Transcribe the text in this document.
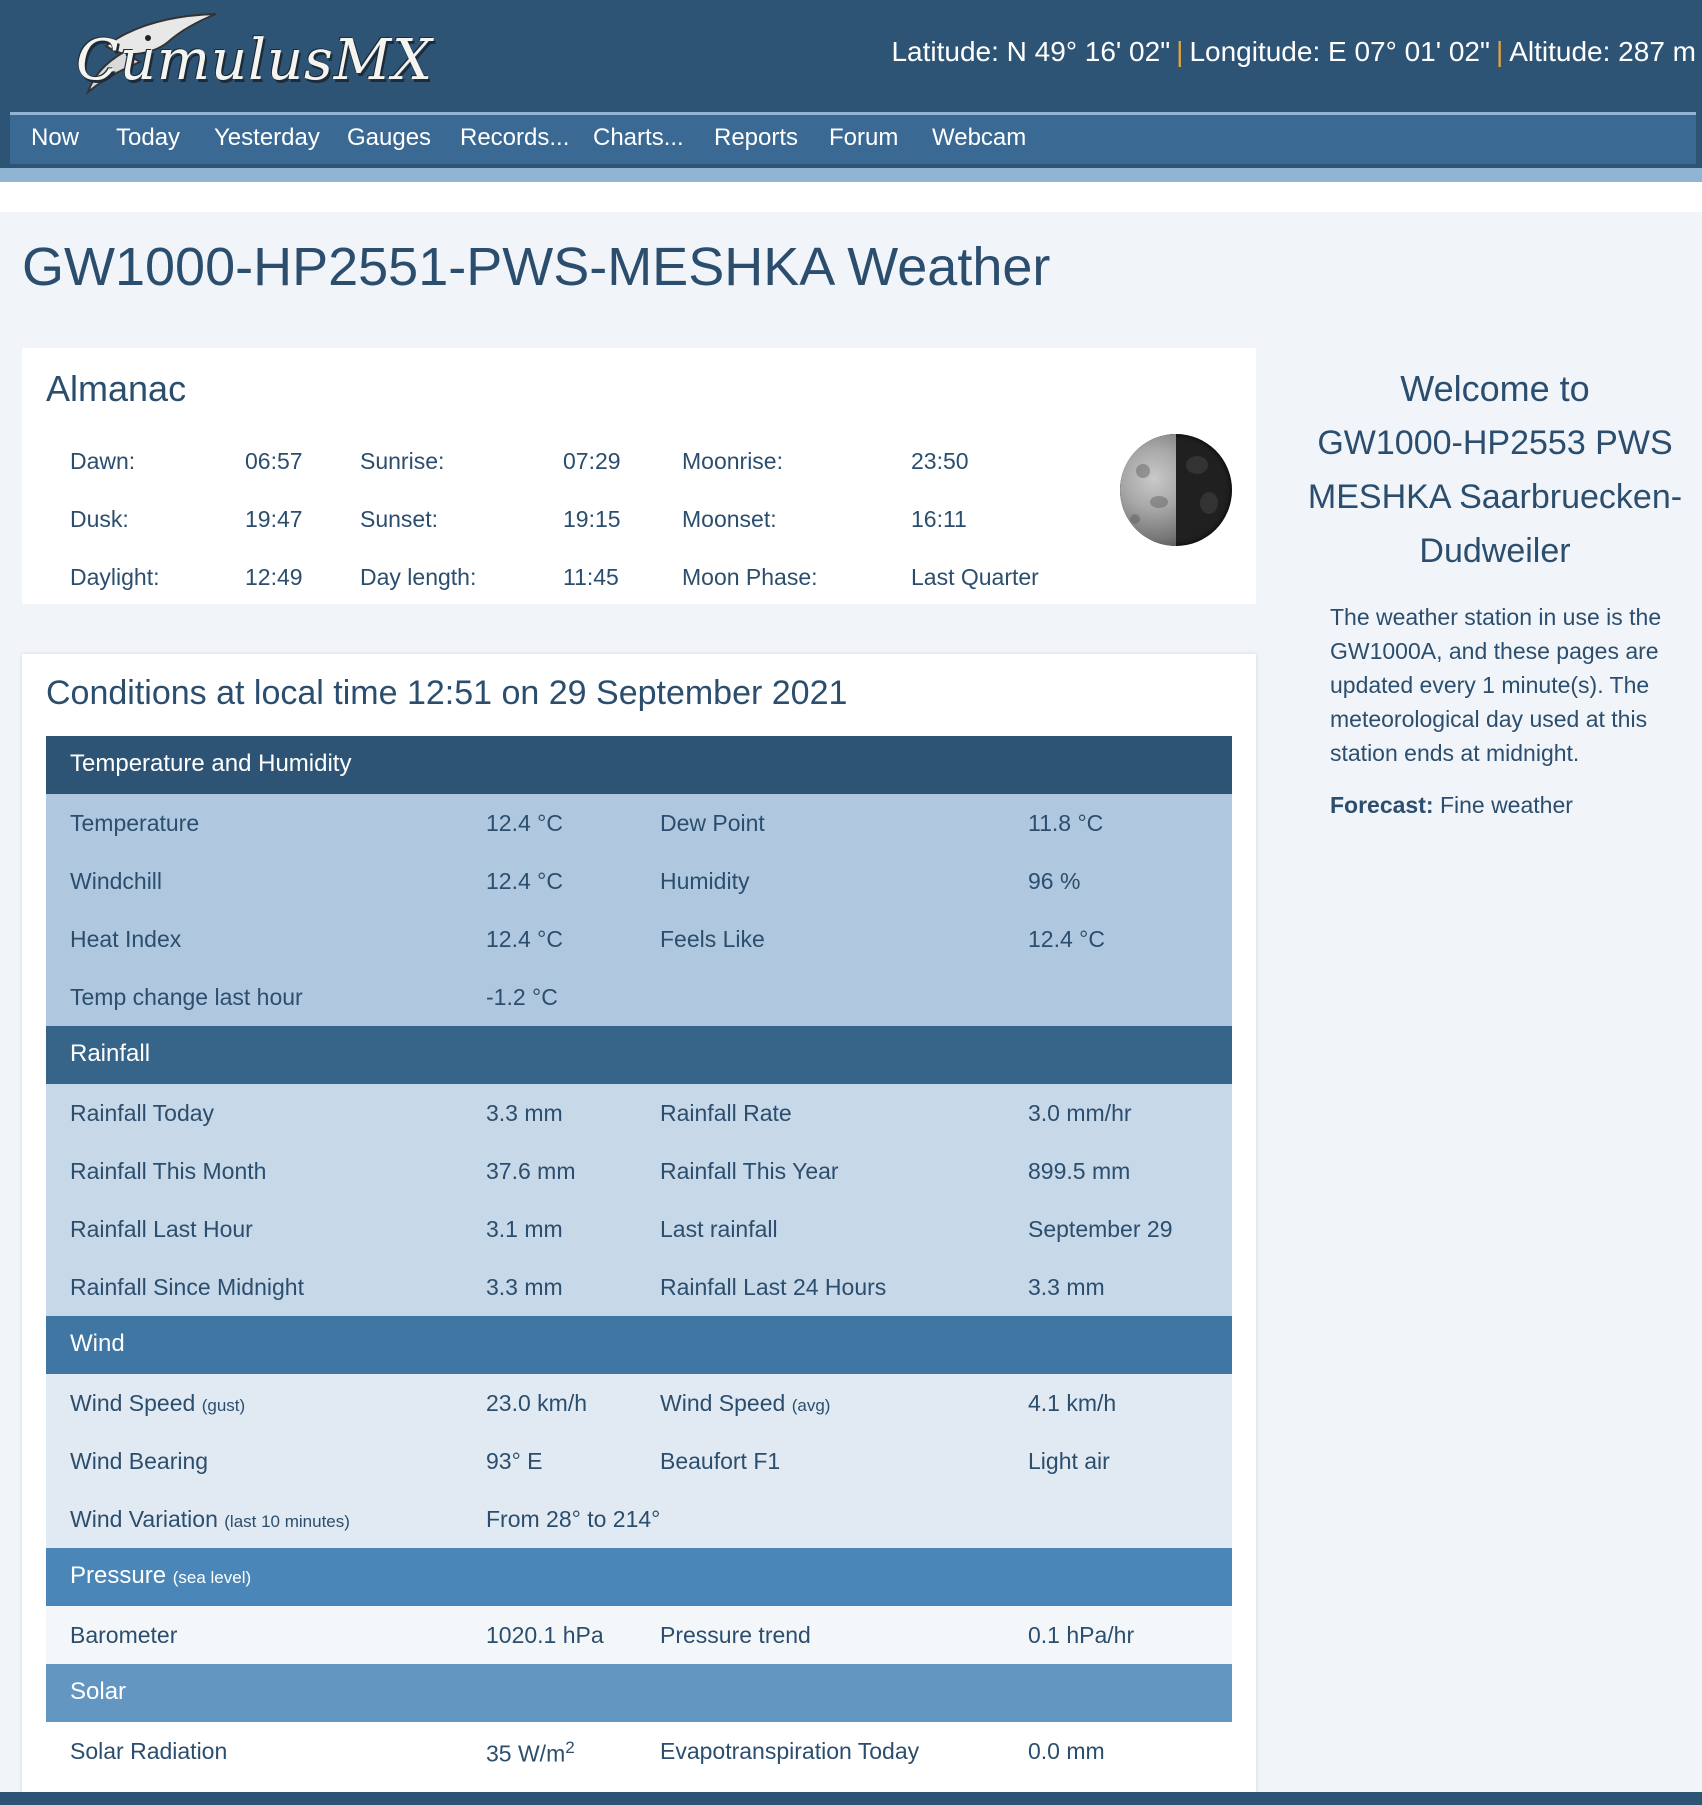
CumulusMX	Latitude: N 49° 16' 02" | Longitude: E 07° 01' 02" | Altitude: 287 m
Now Today Yesterday Gauges Records... Charts... Reports Forum Webcam
GW1000-HP2551-PWS-MESHKA Weather
Almanac
Dawn:	06:57 Sunrise:	07:29	Moonrise:	23:50
Dusk:	19:47 Sunset:	19:15	Moonset:	16:11
Daylight:	12:49 Day length:	11:45	Moon Phase:	Last Quarter
Conditions at local time 12:51 on 29 September 2021
Temperature and Humidity
Temperature	12.4 °C	Dew Point	11.8 °C
Windchill	12.4 °C	Humidity	96 %
Heat Index	12.4 °C	Feels Like	12.4 °C
Temp change last hour	-1.2 °C
Rainfall
Rainfall Today	3.3 mm	Rainfall Rate	3.0 mm/hr
Rainfall This Month	37.6 mm	Rainfall This Year	899.5 mm
Rainfall Last Hour	3.1 mm	Last rainfall	September 29
Rainfall Since Midnight	3.3 mm	Rainfall Last 24 Hours	3.3 mm
Wind
Wind Speed (gust)	23.0 km/h	Wind Speed (avg)	4.1 km/h
Wind Bearing	93° E	Beaufort F1	Light air
Wind Variation (last 10 minutes)	From 28° to 214°
Pressure (sea level)
Barometer	1020.1 hPa Pressure trend	0.1 hPa/hr
Solar
Solar Radiation	35 $W/m^2$	Evapotranspiration Today	0.0 mm
Welcome to
GW1000-HP2553 PWS
MESHKA Saarbruecken-
Dudweiler

The weather station in use is the GW1000A, and these pages are updated every 1 minute(s). The meteorological day used at this station ends at midnight.

Forecast: Fine weather
